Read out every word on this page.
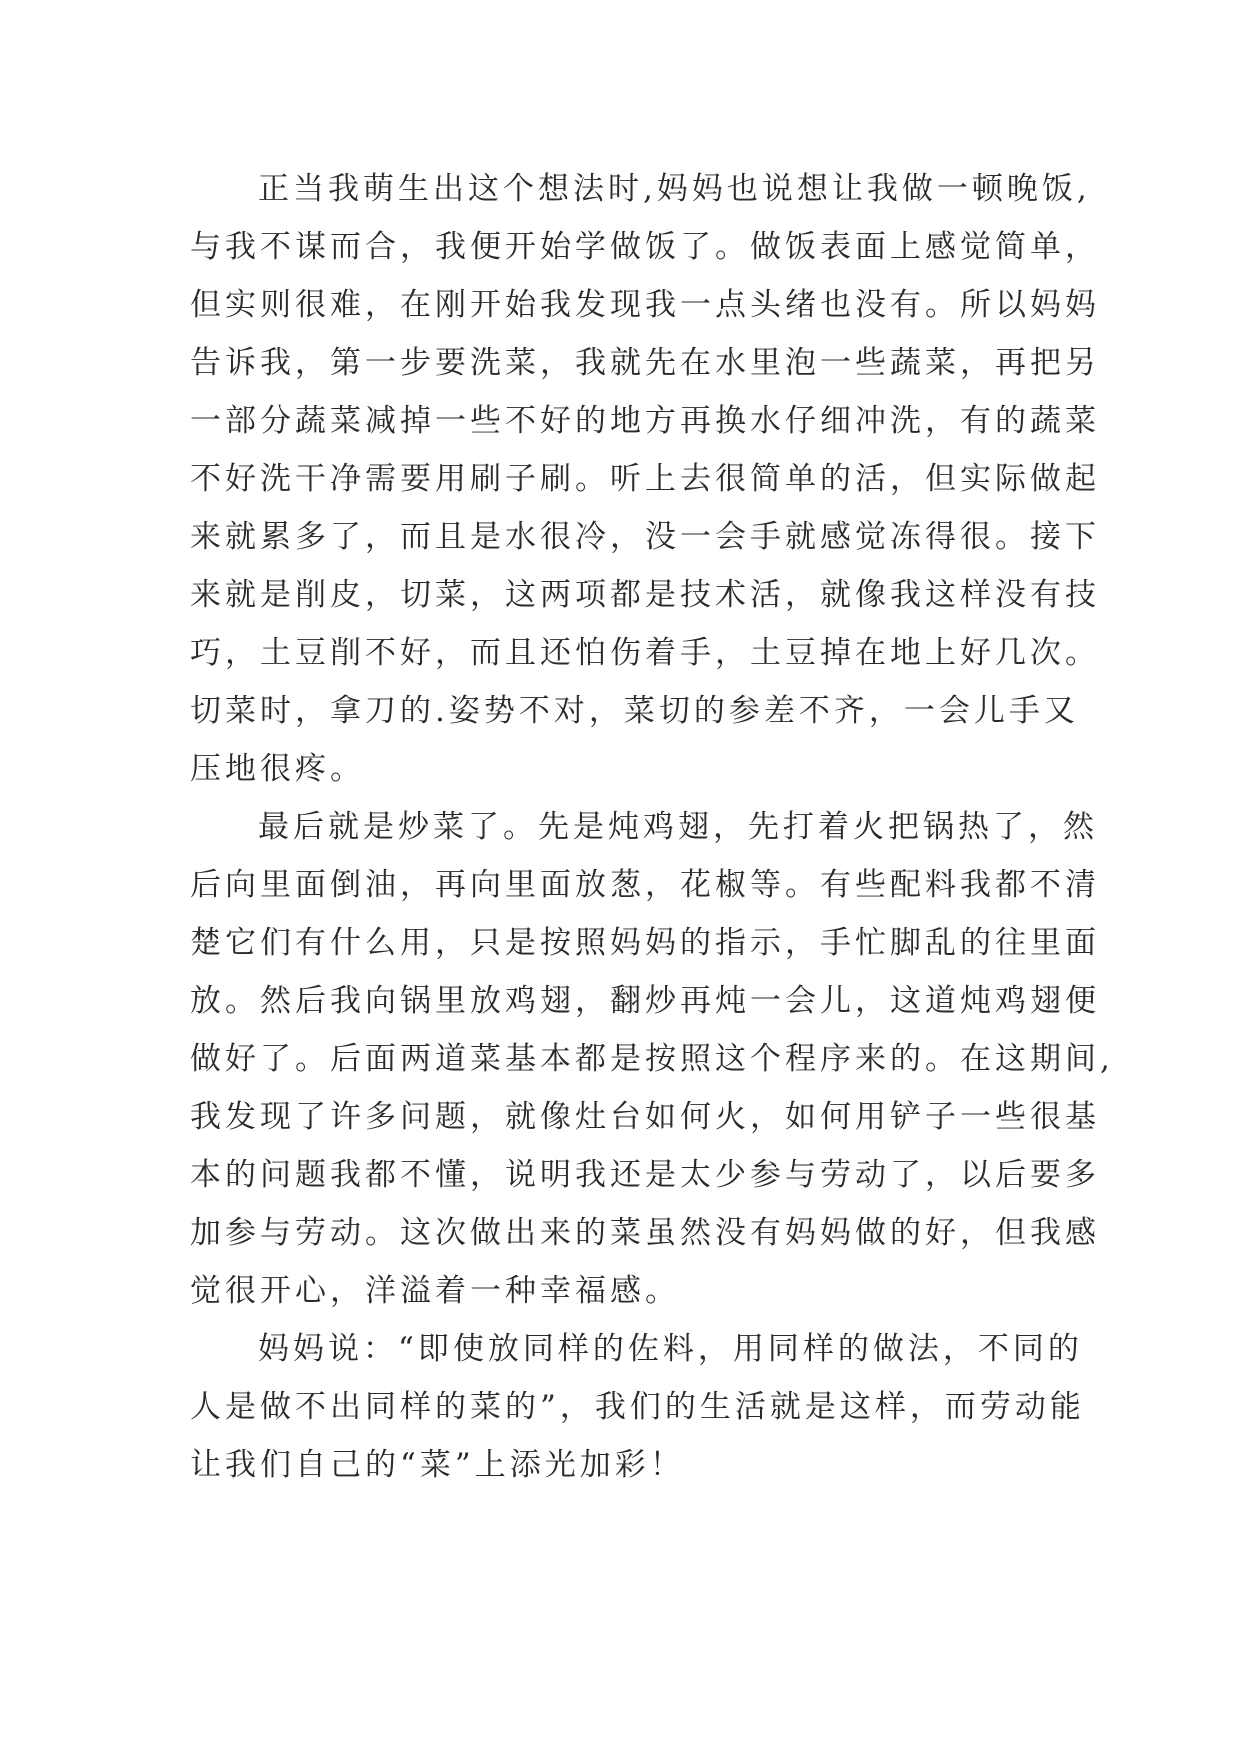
正当我萌生出这个想法时,妈妈也说想让我做一顿晚饭,
与我不谋而合，我便开始学做饭了。做饭表面上感觉简单，
但实则很难，在刚开始我发现我一点头绪也没有。所以妈妈
告诉我，第一步要洗菜，我就先在水里泡一些蔬菜，再把另
一部分蔬菜减掉一些不好的地方再换水仔细冲洗，有的蔬菜
不好洗干净需要用刷子刷。听上去很简单的活，但实际做起
来就累多了，而且是水很冷，没一会手就感觉冻得很。接下
来就是削皮，切菜，这两项都是技术活，就像我这样没有技
巧，土豆削不好，而且还怕伤着手，土豆掉在地上好几次。
切菜时，拿刀的.姿势不对，菜切的参差不齐，一会儿手又
压地很疼。
最后就是炒菜了。先是炖鸡翅，先打着火把锅热了，然
后向里面倒油，再向里面放葱，花椒等。有些配料我都不清
楚它们有什么用，只是按照妈妈的指示，手忙脚乱的往里面
放。然后我向锅里放鸡翅，翻炒再炖一会儿，这道炖鸡翅便
做好了。后面两道菜基本都是按照这个程序来的。在这期间,
我发现了许多问题，就像灶台如何火，如何用铲子一些很基
本的问题我都不懂，说明我还是太少参与劳动了，以后要多
加参与劳动。这次做出来的菜虽然没有妈妈做的好，但我感
觉很开心，洋溢着一种幸福感。
妈妈说：“即使放同样的佐料，用同样的做法，不同的
人是做不出同样的菜的”，我们的生活就是这样，而劳动能
让我们自己的“菜”上添光加彩！
